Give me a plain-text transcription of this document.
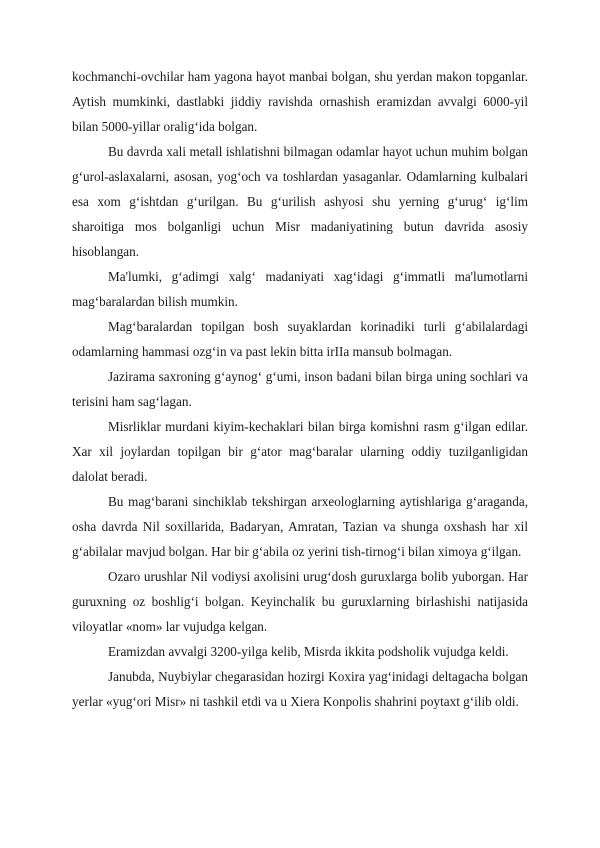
kochmanchi-ovchilar ham yagona hayot manbai bolgan, shu yerdan makon topganlar. Aytish mumkinki, dastlabki jiddiy ravishda ornashish eramizdan avvalgi 6000-yil bilan 5000-yillar oralig‘ida bolgan.

Bu davrda xali metall ishlatishni bilmagan odamlar hayot uchun muhim bolgan g‘urol-aslaxalarni, asosan, yog‘och va toshlardan yasaganlar. Odamlarning kulbalari esa xom g‘ishtdan g‘urilgan. Bu g‘urilish ashyosi shu yerning g‘urug‘ ig‘lim sharoitiga mos bolganligi uchun Misr madaniyatining butun davrida asosiy hisoblangan.

Ma'lumki, g‘adimgi xalg‘ madaniyati xag‘idagi g‘immatli ma'lumotlarni mag‘baralardan bilish mumkin.

Mag‘baralardan topilgan bosh suyaklardan korinadiki turli g‘abilalardagi odamlarning hammasi ozg‘in va past lekin bitta irIIa mansub bolmagan.

Jazirama saxroning g‘aynog‘ g‘umi, inson badani bilan birga uning sochlari va terisini ham sag‘lagan.

Misrliklar murdani kiyim-kechaklari bilan birga komishni rasm g‘ilgan edilar. Xar xil joylardan topilgan bir g‘ator mag‘baralar ularning oddiy tuzilganligidan dalolat beradi.

Bu mag‘barani sinchiklab tekshirgan arxeologlarning aytishlariga g‘araganda, osha davrda Nil soxillarida, Badaryan, Amratan, Tazian va shunga oxshash har xil g‘abilalar mavjud bolgan. Har bir g‘abila oz yerini tish-tirnog‘i bilan ximoya g‘ilgan.

Ozaro urushlar Nil vodiysi axolisini urug‘dosh guruxlarga bolib yuborgan. Har guruxning oz boshlig‘i bolgan. Keyinchalik bu guruxlarning birlashishi natijasida viloyatlar «nom» lar vujudga kelgan.

Eramizdan avvalgi 3200-yilga kelib, Misrda ikkita podsholik vujudga keldi.

Janubda, Nuybiylar chegarasidan hozirgi Koxira yag‘inidagi deltagacha bolgan yerlar «yug‘ori Misr» ni tashkil etdi va u Xiera Konpolis shahrini poytaxt g‘ilib oldi.
